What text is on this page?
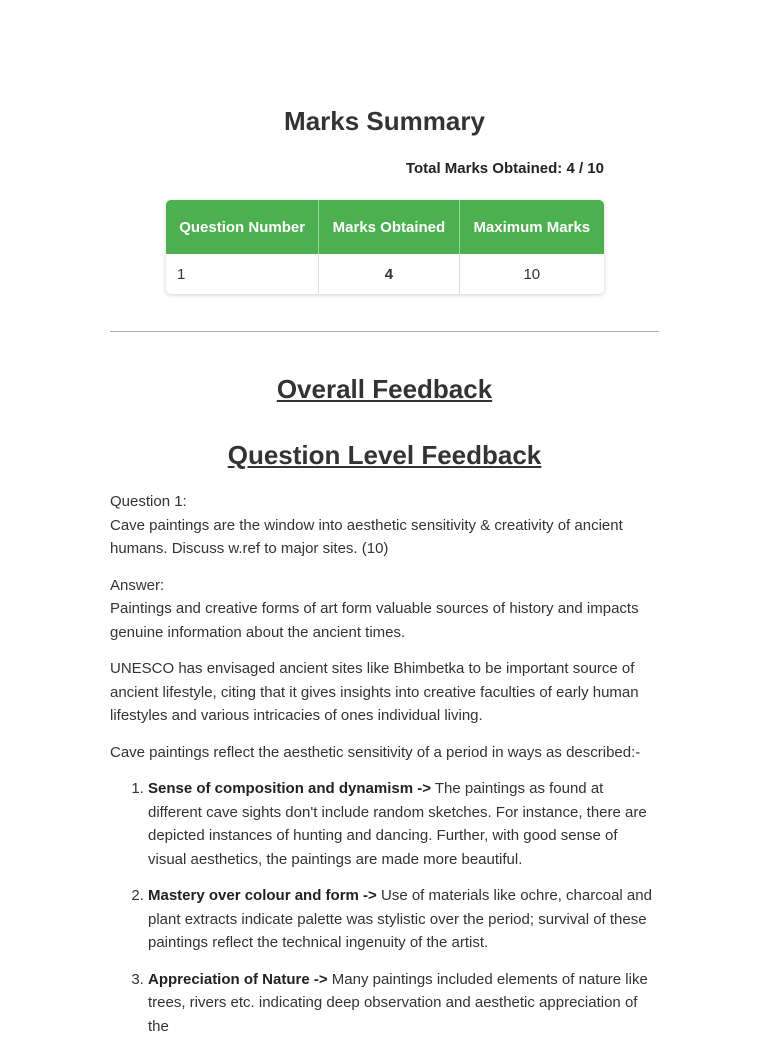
Marks Summary
Total Marks Obtained: 4 / 10
Question Number	Marks Obtained	Maximum Marks
1	4	10
Overall Feedback
Question Level Feedback

Question 1:
Cave paintings are the window into aesthetic sensitivity & creativity of ancient humans. Discuss w.ref to major sites. (10)

Answer:
Paintings and creative forms of art form valuable sources of history and impacts genuine information about the ancient times.

UNESCO has envisaged ancient sites like Bhimbetka to be important source of ancient lifestyle, citing that it gives insights into creative faculties of early human lifestyles and various intricacies of ones individual living.

Cave paintings reflect the aesthetic sensitivity of a period in ways as described:-

1. Sense of composition and dynamism -> The paintings as found at different cave sights don't include random sketches. For instance, there are depicted instances of hunting and dancing. Further, with good sense of visual aesthetics, the paintings are made more beautiful.
2. Mastery over colour and form -> Use of materials like ochre, charcoal and plant extracts indicate palette was stylistic over the period; survival of these paintings reflect the technical ingenuity of the artist.
3. Appreciation of Nature -> Many paintings included elements of nature like trees, rivers etc. indicating deep observation and aesthetic appreciation of the
